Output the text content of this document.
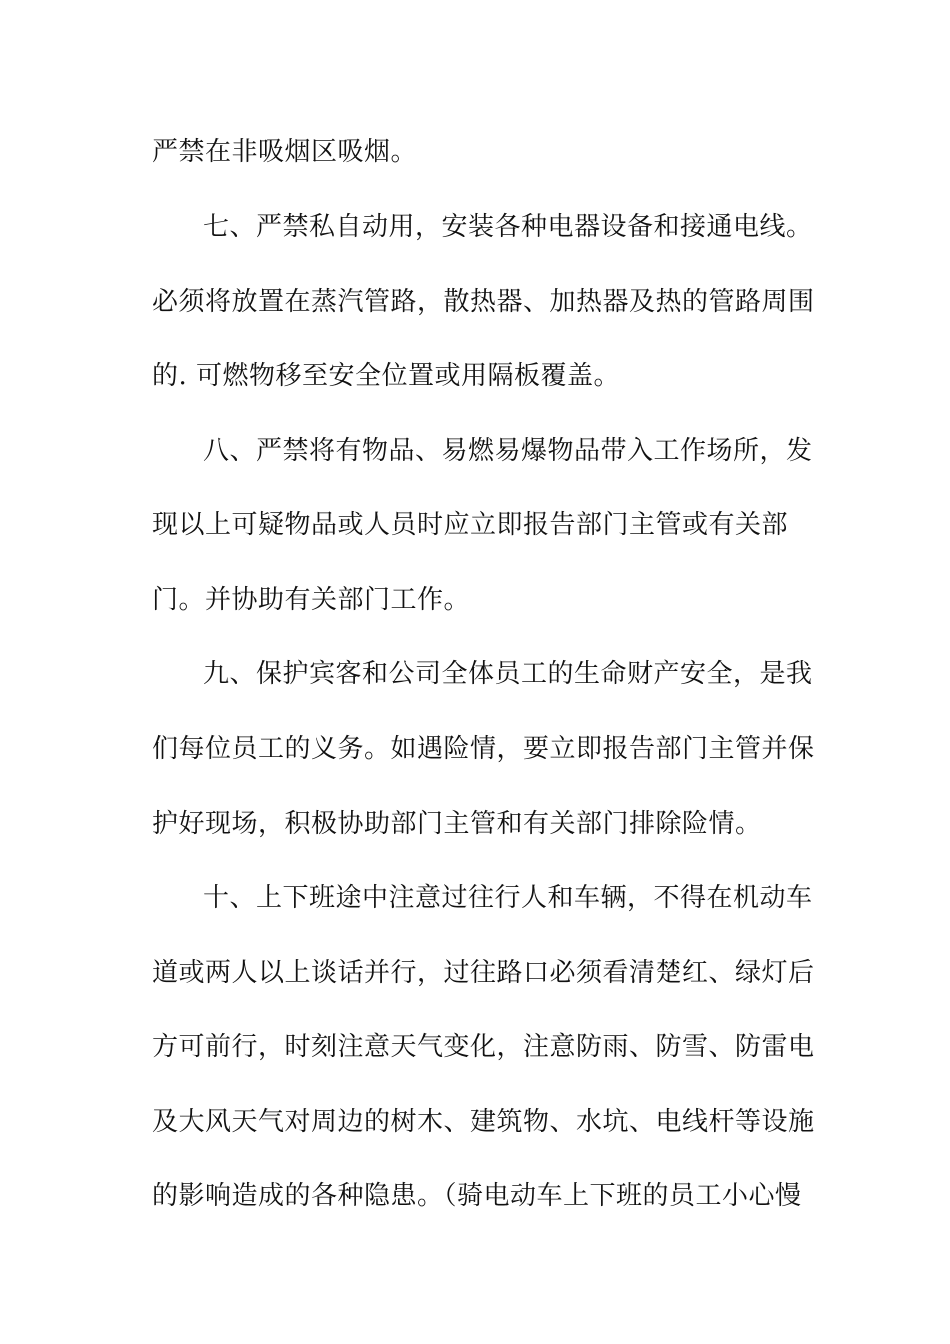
严禁在非吸烟区吸烟。
七、严禁私自动用，安装各种电器设备和接通电线。
必须将放置在蒸汽管路，散热器、加热器及热的管路周围
的. 可燃物移至安全位置或用隔板覆盖。
八、严禁将有物品、易燃易爆物品带入工作场所，发
现以上可疑物品或人员时应立即报告部门主管或有关部
门。并协助有关部门工作。
九、保护宾客和公司全体员工的生命财产安全，是我
们每位员工的义务。如遇险情，要立即报告部门主管并保
护好现场，积极协助部门主管和有关部门排除险情。
十、上下班途中注意过往行人和车辆，不得在机动车
道或两人以上谈话并行，过往路口必须看清楚红、绿灯后
方可前行，时刻注意天气变化，注意防雨、防雪、防雷电
及大风天气对周边的树木、建筑物、水坑、电线杆等设施
的影响造成的各种隐患。（骑电动车上下班的员工小心慢
